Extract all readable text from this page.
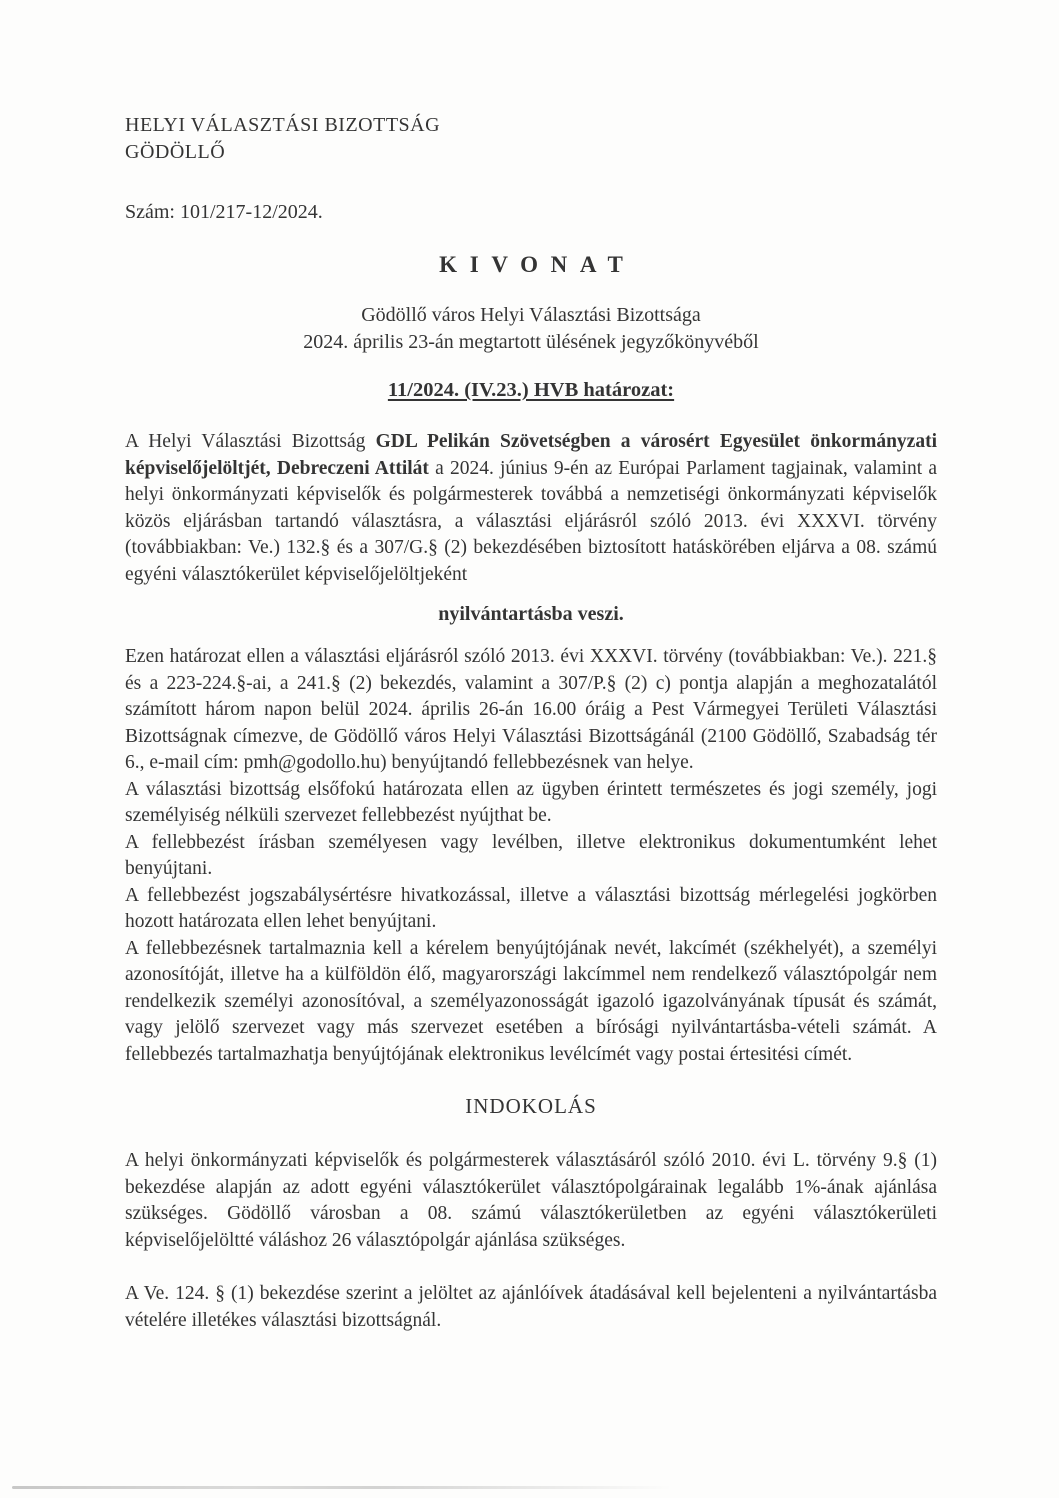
HELYI VÁLASZTÁSI BIZOTTSÁG
GÖDÖLLŐ
Szám: 101/217-12/2024.
KIVONAT
Gödöllő város Helyi Választási Bizottsága
2024. április 23-án megtartott ülésének jegyzőkönyvéből
11/2024. (IV.23.) HVB határozat:

A Helyi Választási Bizottság GDL Pelikán Szövetségben a városért Egyesület önkormányzati képviselőjelöltjét, Debreczeni Attilát a 2024. június 9-én az Európai Parlament tagjainak, valamint a helyi önkormányzati képviselők és polgármesterek továbbá a nemzetiségi önkormányzati képviselők közös eljárásban tartandó választásra, a választási eljárásról szóló 2013. évi XXXVI. törvény (továbbiakban: Ve.) 132.§ és a 307/G.§ (2) bekezdésében biztosított hatáskörében eljárva a 08. számú egyéni választókerület képviselőjelöltjeként

nyilvántartásba veszi.

Ezen határozat ellen a választási eljárásról szóló 2013. évi XXXVI. törvény (továbbiakban: Ve.). 221.§ és a 223-224.§-ai, a 241.§ (2) bekezdés, valamint a 307/P.§ (2) c) pontja alapján a meghozatalától számított három napon belül 2024. április 26-án 16.00 óráig a Pest Vármegyei Területi Választási Bizottságnak címezve, de Gödöllő város Helyi Választási Bizottságánál (2100 Gödöllő, Szabadság tér 6., e-mail cím: pmh@godollo.hu) benyújtandó fellebbezésnek van helye.

A választási bizottság elsőfokú határozata ellen az ügyben érintett természetes és jogi személy, jogi személyiség nélküli szervezet fellebbezést nyújthat be.

A fellebbezést írásban személyesen vagy levélben, illetve elektronikus dokumentumként lehet benyújtani.

A fellebbezést jogszabálysértésre hivatkozással, illetve a választási bizottság mérlegelési jogkörben hozott határozata ellen lehet benyújtani.

A fellebbezésnek tartalmaznia kell a kérelem benyújtójának nevét, lakcímét (székhelyét), a személyi azonosítóját, illetve ha a külföldön élő, magyarországi lakcímmel nem rendelkező választópolgár nem rendelkezik személyi azonosítóval, a személyazonosságát igazoló igazolványának típusát és számát, vagy jelölő szervezet vagy más szervezet esetében a bírósági nyilvántartásba-vételi számát. A fellebbezés tartalmazhatja benyújtójának elektronikus levélcímét vagy postai értesitési címét.

INDOKOLÁS

A helyi önkormányzati képviselők és polgármesterek választásáról szóló 2010. évi L. törvény 9.§ (1) bekezdése alapján az adott egyéni választókerület választópolgárainak legalább 1%-ának ajánlása szükséges. Gödöllő városban a 08. számú választókerületben az egyéni választókerületi képviselőjelöltté váláshoz 26 választópolgár ajánlása szükséges.

A Ve. 124. § (1) bekezdése szerint a jelöltet az ajánlóívek átadásával kell bejelenteni a nyilvántartásba vételére illetékes választási bizottságnál.
